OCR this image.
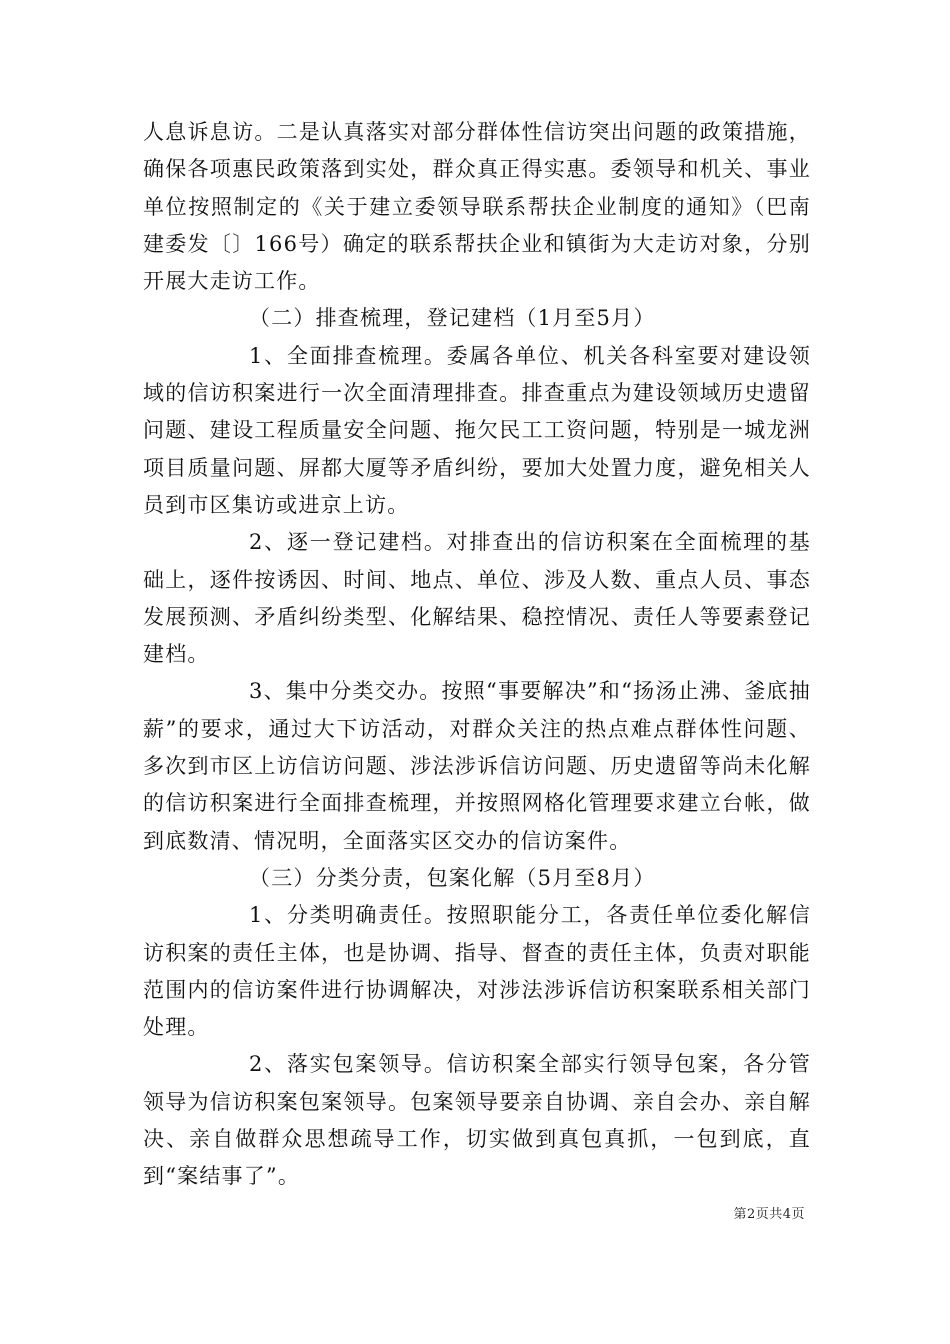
人息诉息访。二是认真落实对部分群体性信访突出问题的政策措施，确保各项惠民政策落到实处，群众真正得实惠。委领导和机关、事业单位按照制定的《关于建立委领导联系帮扶企业制度的通知》（巴南建委发〔〕166号）确定的联系帮扶企业和镇街为大走访对象，分别开展大走访工作。

（二）排查梳理，登记建档（1月至5月）

1、全面排查梳理。委属各单位、机关各科室要对建设领域的信访积案进行一次全面清理排查。排查重点为建设领域历史遗留问题、建设工程质量安全问题、拖欠民工工资问题，特别是一城龙洲项目质量问题、屏都大厦等矛盾纠纷，要加大处置力度，避免相关人员到市区集访或进京上访。

2、逐一登记建档。对排查出的信访积案在全面梳理的基础上，逐件按诱因、时间、地点、单位、涉及人数、重点人员、事态发展预测、矛盾纠纷类型、化解结果、稳控情况、责任人等要素登记建档。

3、集中分类交办。按照“事要解决”和“扬汤止沸、釜底抽薪”的要求，通过大下访活动，对群众关注的热点难点群体性问题、多次到市区上访信访问题、涉法涉诉信访问题、历史遗留等尚未化解的信访积案进行全面排查梳理，并按照网格化管理要求建立台帐，做到底数清、情况明，全面落实区交办的信访案件。

（三）分类分责，包案化解（5月至8月）

1、分类明确责任。按照职能分工，各责任单位委化解信访积案的责任主体，也是协调、指导、督查的责任主体，负责对职能范围内的信访案件进行协调解决，对涉法涉诉信访积案联系相关部门处理。

2、落实包案领导。信访积案全部实行领导包案，各分管领导为信访积案包案领导。包案领导要亲自协调、亲自会办、亲自解决、亲自做群众思想疏导工作，切实做到真包真抓，一包到底，直到“案结事了”。

第2页共4页
